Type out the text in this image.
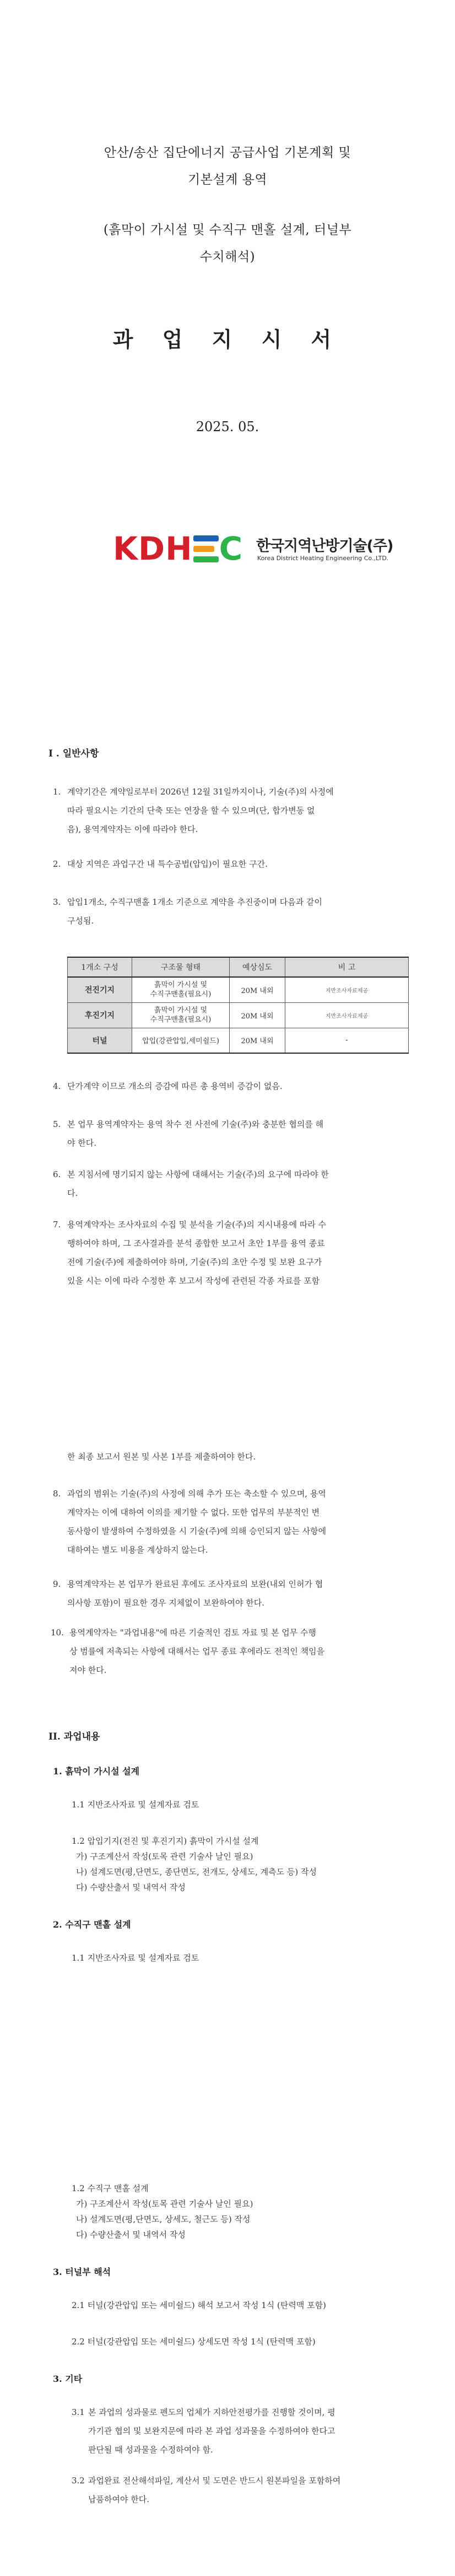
안산/송산 집단에너지 공급사업 기본계획 및
기본설계 용역
(흙막이 가시설 및 수직구 맨홀 설계, 터널부
수치해석)
과 업 지 시 서
2025. 05.
KDH C 한국지역난방기술(주)
Korea District Heating Engineering Co.,LTD.
I . 일반사항
1. 계약기간은 계약일로부터 2026년 12월 31일까지이나, 기술(주)의 사정에
따라 필요시는 기간의 단축 또는 연장을 할 수 있으며(단, 합가변동 없
음), 용역계약자는 이에 따라야 한다.
2. 대상 지역은 과업구간 내 특수공법(압입)이 필요한 구간.
3. 압입1개소, 수직구맨홀 1개소 기준으로 계약을 추진중이며 다음과 같이
구성됨.
1개소 구성	구조물 형태	예상심도	비 고
전진기지	흙막이 가시설 및
수직구맨홀(필요시)	20M 내외	지반조사자료제공
후진기지	흙막이 가시설 및
수직구맨홀(필요시)	20M 내외	지반조사자료제공
터널	압입(강관압입,세미쉴드)	20M 내외	-
4. 단가계약 이므로 개소의 증감에 따른 총 용역비 증감이 없음.
5. 본 업무 용역계약자는 용역 착수 전 사전에 기술(주)와 충분한 협의를 해
야 한다.
6. 본 지침서에 명기되지 않는 사항에 대해서는 기술(주)의 요구에 따라야 한
다.
7. 용역계약자는 조사자료의 수집 및 분석을 기술(주)의 지시내용에 따라 수
행하여야 하며, 그 조사결과를 분석 종합한 보고서 초안 1부를 용역 종료
전에 기술(주)에 제출하여야 하며, 기술(주)의 초안 수정 및 보완 요구가
있을 시는 이에 따라 수정한 후 보고서 작성에 관련된 각종 자료를 포함
한 최종 보고서 원본 및 사본 1부를 제출하여야 한다.
8. 과업의 범위는 기술(주)의 사정에 의해 추가 또는 축소할 수 있으며, 용역
계약자는 이에 대하여 이의를 제기할 수 없다. 또한 업무의 부분적인 변
동사항이 발생하여 수정하였을 시 기술(주)에 의해 승인되지 않는 사항에
대하여는 별도 비용을 계상하지 않는다.
9. 용역계약자는 본 업무가 완료된 후에도 조사자료의 보완(내외 인허가 협
의사항 포함)이 필요한 경우 지체없이 보완하여야 한다.
10. 용역계약자는 "과업내용"에 따른 기술적인 검토 자료 및 본 업무 수행
상 범률에 저촉되는 사항에 대해서는 업무 종료 후에라도 전적인 책임을
져야 한다.
II. 과업내용
1. 흙막이 가시설 설계
1.1 지반조사자료 및 설계자료 검토
1.2 압입기지(전진 및 후진기지) 흙막이 가시설 설계
가) 구조계산서 작성(토목 관련 기술사 날인 필요)
나) 설계도면(평,단면도, 종단면도, 전개도, 상세도, 계측도 등) 작성
다) 수량산출서 및 내역서 작성
2. 수직구 맨홀 설계
1.1 지반조사자료 및 설계자료 검토
1.2 수직구 맨홀 설계
가) 구조계산서 작성(토목 관련 기술사 날인 필요)
나) 설계도면(평,단면도, 상세도, 철근도 등) 작성
다) 수량산출서 및 내역서 작성
3. 터널부 해석
2.1 터널(강관압입 또는 세미쉴드) 해석 보고서 작성 1식 (탄력맥 포함)
2.2 터널(강관압입 또는 세미쉴드) 상세도면 작성 1식 (탄력맥 포함)
3. 기타
3.1 본 과업의 성과물로 펜도의 업체가 지하안전평가를 진행할 것이며, 평
가기관 협의 및 보완지문에 따라 본 과업 성과물을 수정하여야 한다고
판단될 때 성과물을 수정하여야 함.
3.2 과업완료 전산해석파일, 계산서 및 도면은 반드시 원본파일을 포함하여
납품하여야 한다.
